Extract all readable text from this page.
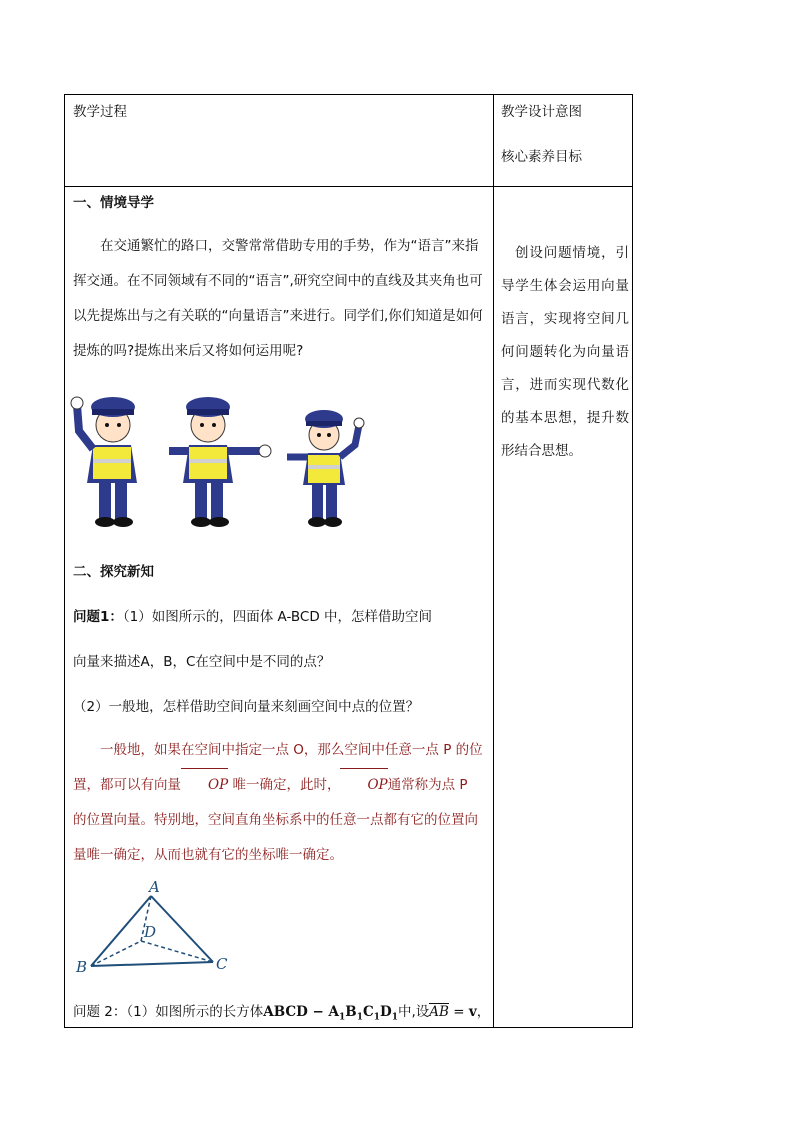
教学过程	教学设计意图
核心素养目标
一、情境导学
在交通繁忙的路口，交警常常借助专用的手势，作为“语言”来指挥交通。在不同领域有不同的“语言”,研究空间中的直线及其夹角也可以先提炼出与之有关联的“向量语言”来进行。同学们,你们知道是如何提炼的吗?提炼出来后又将如何运用呢?
创设问题情境，引导学生体会运用向量语言，实现将空间几何问题转化为向量语言，进而实现代数化的基本思想，提升数形结合思想。
二、探究新知
问题1：（1）如图所示的，四面体 A-BCD 中，怎样借助空间
向量来描述A，B，C在空间中是不同的点？
（2）一般地，怎样借助空间向量来刻画空间中点的位置？
一般地，如果在空间中指定一点 O，那么空间中任意一点 P 的位置，都可以有向量 OP 唯一确定，此时， OP通常称为点 P 的位置向量。特别地，空间直角坐标系中的任意一点都有它的位置向量唯一确定，从而也就有它的坐标唯一确定。
A
B	C
D
问题 2：（1）如图所示的长方体ABCD − $A_1B_1C_1D_1$中,设AB = v，
